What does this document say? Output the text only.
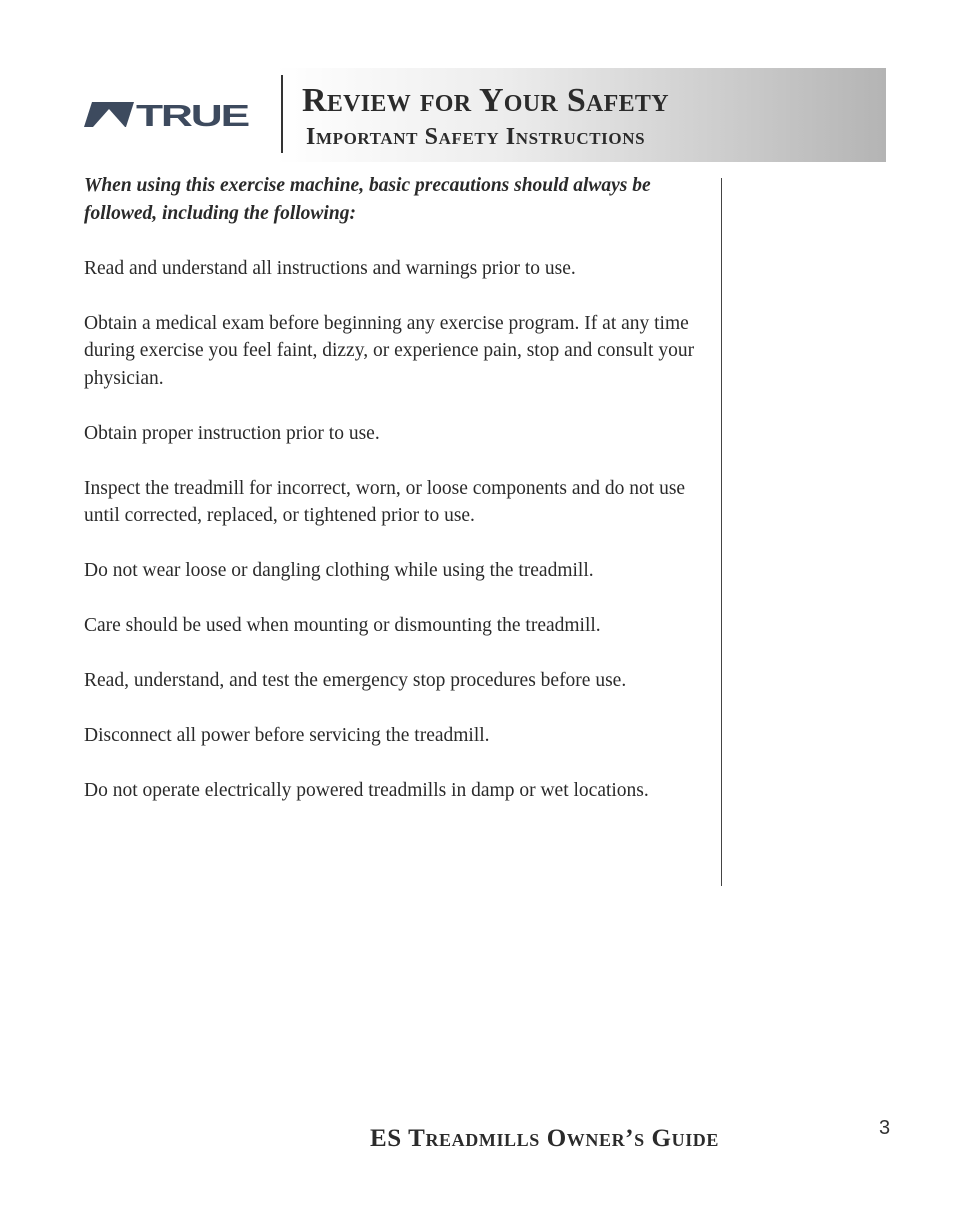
TRUE Review for Your Safety
Important Safety Instructions

When using this exercise machine, basic precautions should always be followed, including the following:

Read and understand all instructions and warnings prior to use.

Obtain a medical exam before beginning any exercise program. If at any time during exercise you feel faint, dizzy, or experience pain, stop and consult your physician.

Obtain proper instruction prior to use.

Inspect the treadmill for incorrect, worn, or loose components and do not use until corrected, replaced, or tightened prior to use.

Do not wear loose or dangling clothing while using the treadmill.

Care should be used when mounting or dismounting the treadmill.

Read, understand, and test the emergency stop procedures before use.

Disconnect all power before servicing the treadmill.

Do not operate electrically powered treadmills in damp or wet locations.

ES Treadmills Owner’s Guide	3
